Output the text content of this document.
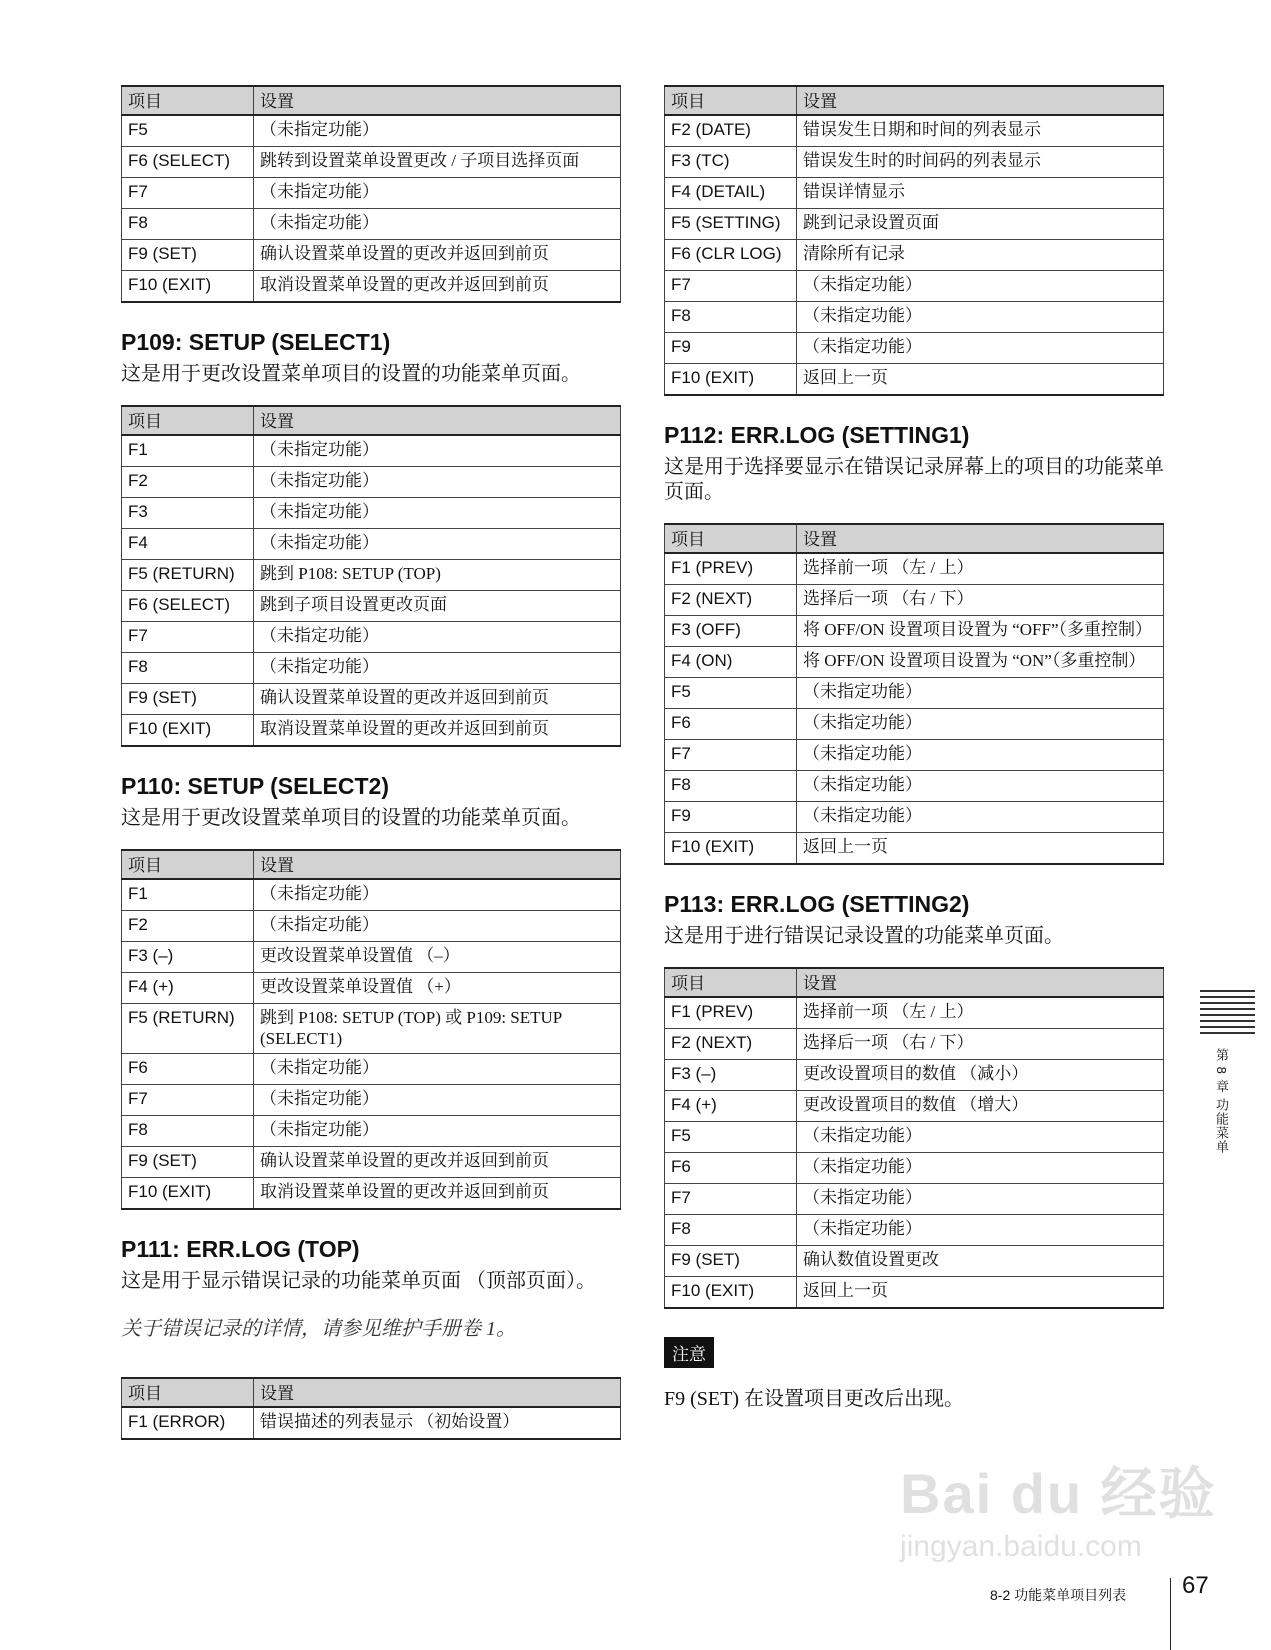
项目	设置
F5	（未指定功能）
F6 (SELECT)	跳转到设置菜单设置更改 / 子项目选择页面
F7	（未指定功能）
F8	（未指定功能）
F9 (SET)	确认设置菜单设置的更改并返回到前页
F10 (EXIT)	取消设置菜单设置的更改并返回到前页
P109: SETUP (SELECT1)

这是用于更改设置菜单项目的设置的功能菜单页面。

项目	设置
F1	（未指定功能）
F2	（未指定功能）
F3	（未指定功能）
F4	（未指定功能）
F5 (RETURN)	跳到 P108: SETUP (TOP)
F6 (SELECT)	跳到子项目设置更改页面
F7	（未指定功能）
F8	（未指定功能）
F9 (SET)	确认设置菜单设置的更改并返回到前页
F10 (EXIT)	取消设置菜单设置的更改并返回到前页
P110: SETUP (SELECT2)

这是用于更改设置菜单项目的设置的功能菜单页面。

项目	设置
F1	（未指定功能）
F2	（未指定功能）
F3 (–)	更改设置菜单设置值 （–）
F4 (+)	更改设置菜单设置值 （+）
F5 (RETURN)	跳到 P108: SETUP (TOP) 或 P109: SETUP (SELECT1)
F6	（未指定功能）
F7	（未指定功能）
F8	（未指定功能）
F9 (SET)	确认设置菜单设置的更改并返回到前页
F10 (EXIT)	取消设置菜单设置的更改并返回到前页
P111: ERR.LOG (TOP)

这是用于显示错误记录的功能菜单页面 （顶部页面）。

关于错误记录的详情，请参见维护手册卷 1。

项目	设置
F1 (ERROR)	错误描述的列表显示 （初始设置）
项目	设置
F2 (DATE)	错误发生日期和时间的列表显示
F3 (TC)	错误发生时的时间码的列表显示
F4 (DETAIL)	错误详情显示
F5 (SETTING)	跳到记录设置页面
F6 (CLR LOG)	清除所有记录
F7	（未指定功能）
F8	（未指定功能）
F9	（未指定功能）
F10 (EXIT)	返回上一页
P112: ERR.LOG (SETTING1)

这是用于选择要显示在错误记录屏幕上的项目的功能菜单页面。

项目	设置
F1 (PREV)	选择前一项 （左 / 上）
F2 (NEXT)	选择后一项 （右 / 下）
F3 (OFF)	将 OFF/ON 设置项目设置为 “OFF”（多重控制）
F4 (ON)	将 OFF/ON 设置项目设置为 “ON”（多重控制）
F5	（未指定功能）
F6	（未指定功能）
F7	（未指定功能）
F8	（未指定功能）
F9	（未指定功能）
F10 (EXIT)	返回上一页
P113: ERR.LOG (SETTING2)

这是用于进行错误记录设置的功能菜单页面。

项目	设置
F1 (PREV)	选择前一项 （左 / 上）
F2 (NEXT)	选择后一项 （右 / 下）
F3 (–)	更改设置项目的数值 （减小）
F4 (+)	更改设置项目的数值 （增大）
F5	（未指定功能）
F6	（未指定功能）
F7	（未指定功能）
F8	（未指定功能）
F9 (SET)	确认数值设置更改
F10 (EXIT)	返回上一页
注意
F9 (SET) 在设置项目更改后出现。
第 8 章 功能菜单
Bai du 经验
jingyan.baidu.com
8-2 功能菜单项目列表 67
